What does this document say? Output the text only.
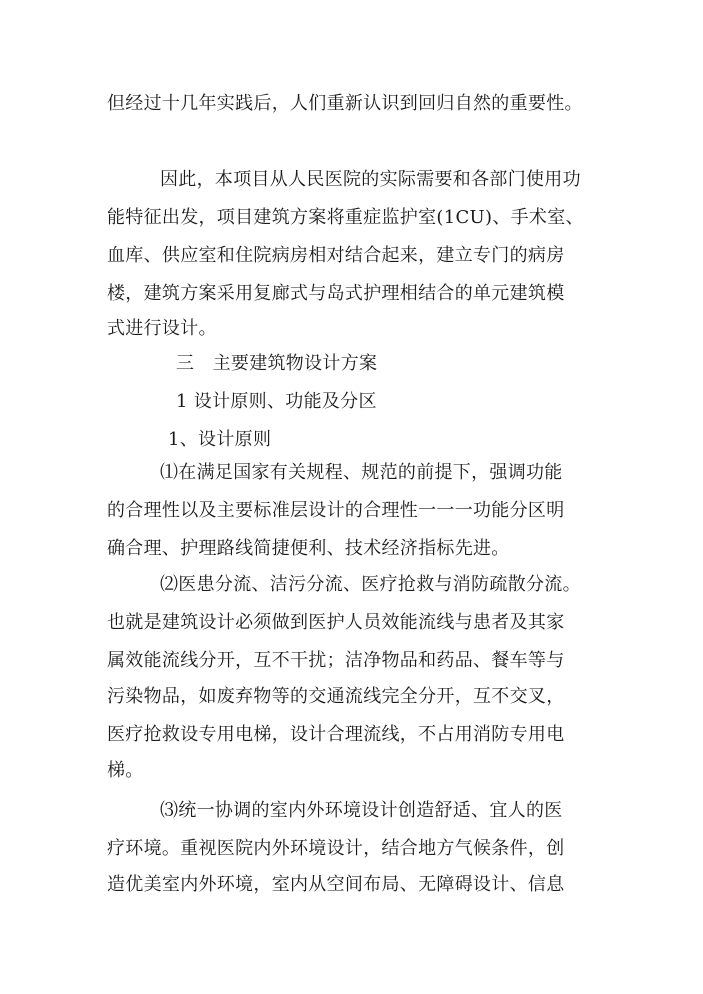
但经过十几年实践后，人们重新认识到回归自然的重要性。

因此，本项目从人民医院的实际需要和各部门使用功

能特征出发，项目建筑方案将重症监护室(1CU)、手术室、

血库、供应室和住院病房相对结合起来，建立专门的病房

楼，建筑方案采用复廊式与岛式护理相结合的单元建筑模

式进行设计。

三　主要建筑物设计方案
1 设计原则、功能及分区
1、设计原则

⑴在满足国家有关规程、规范的前提下，强调功能

的合理性以及主要标准层设计的合理性一一一功能分区明

确合理、护理路线简捷便利、技术经济指标先进。

⑵医患分流、洁污分流、医疗抢救与消防疏散分流。

也就是建筑设计必须做到医护人员效能流线与患者及其家

属效能流线分开，互不干扰；洁净物品和药品、餐车等与

污染物品，如废弃物等的交通流线完全分开，互不交叉，

医疗抢救设专用电梯，设计合理流线，不占用消防专用电

梯。

⑶统一协调的室内外环境设计创造舒适、宜人的医

疗环境。重视医院内外环境设计，结合地方气候条件，创

造优美室内外环境，室内从空间布局、无障碍设计、信息
